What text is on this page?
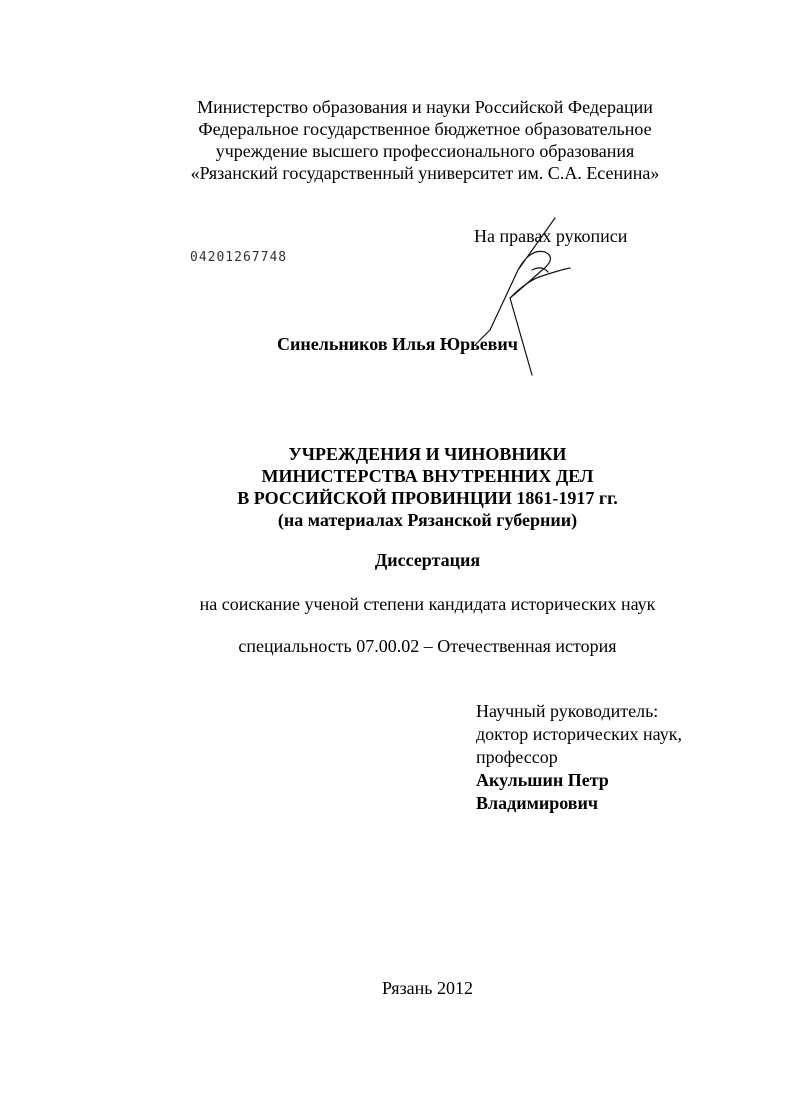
Министерство образования и науки Российской Федерации
Федеральное государственное бюджетное образовательное
учреждение высшего профессионального образования
«Рязанский государственный университет им. С.А. Есенина»
На правах рукописи
04201267748
Синельников Илья Юрьевич
УЧРЕЖДЕНИЯ И ЧИНОВНИКИ
МИНИСТЕРСТВА ВНУТРЕННИХ ДЕЛ
В РОССИЙСКОЙ ПРОВИНЦИИ 1861-1917 гг.
(на материалах Рязанской губернии)
Диссертация
на соискание ученой степени кандидата исторических наук
специальность 07.00.02 – Отечественная история
Научный руководитель:
доктор исторических наук,
профессор
Акульшин Петр
Владимирович
Рязань 2012
